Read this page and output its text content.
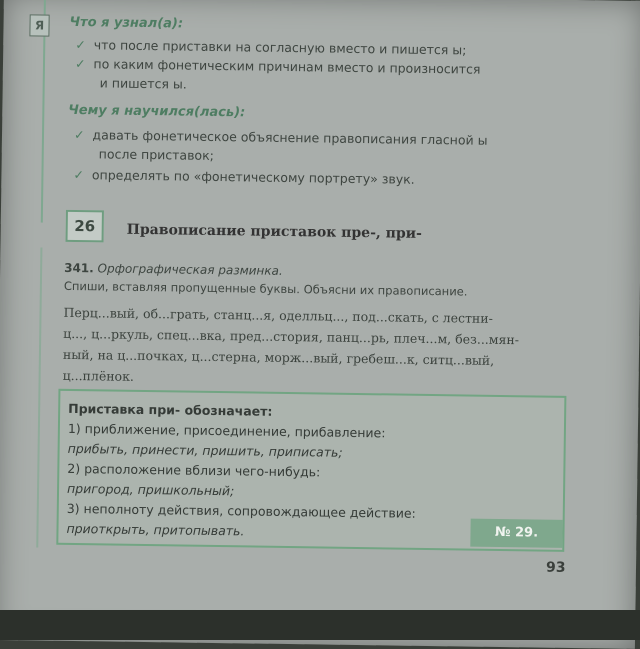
Я	Что я узнал(а):
✓ что после приставки на согласную вместо и пишется ы;
✓ по каким фонетическим причинам вместо и произносится
и пишется ы.
Чему я научился(лась):
✓ давать фонетическое объяснение правописания гласной ы
после приставок;
✓ определять по «фонетическому портрету» звук.
26	Правописание приставок пре-, при-
341. Орфографическая разминка.
Спиши, вставляя пропущенные буквы. Объясни их правописание.
Перц...вый, об...грать, станц...я, оделльц..., под...скать, с лестни-
ц..., ц...ркуль, спец...вка, пред...стория, панц...рь, плеч...м, без...мян-
ный, на ц...почках, ц...стерна, морж...вый, гребеш...к, ситц...вый,
ц...плёнок.
Приставка при- обозначает:
1) приближение, присоединение, прибавление:
прибыть, принести, пришить, приписать;
2) расположение вблизи чего-нибудь:
пригород, пришкольный;
3) неполноту действия, сопровождающее действие:
приоткрыть, притопывать.	№ 29.
93
